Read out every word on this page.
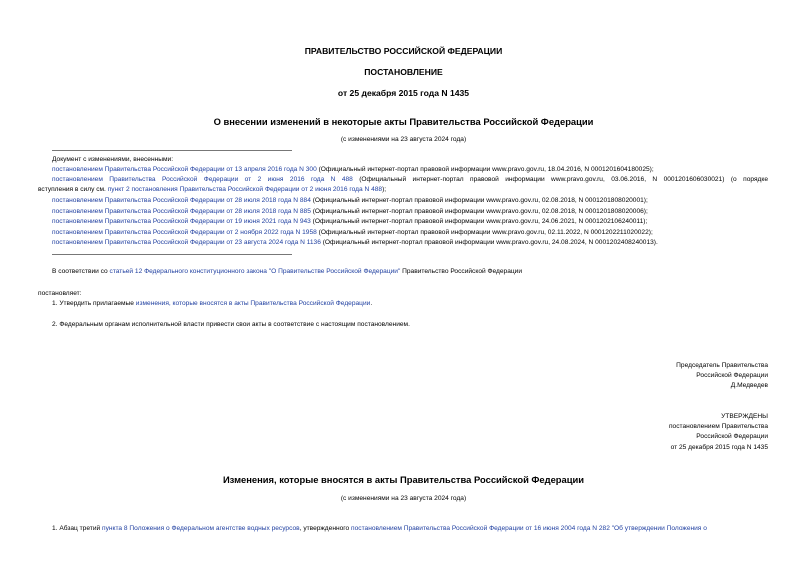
ПРАВИТЕЛЬСТВО РОССИЙСКОЙ ФЕДЕРАЦИИ
ПОСТАНОВЛЕНИЕ
от 25 декабря 2015 года N 1435
О внесении изменений в некоторые акты Правительства Российской Федерации
(с изменениями на 23 августа 2024 года)
Документ с изменениями, внесенными:
постановлением Правительства Российской Федерации от 13 апреля 2016 года N 300 (Официальный интернет-портал правовой информации www.pravo.gov.ru, 18.04.2016, N 0001201604180025);
постановлением Правительства Российской Федерации от 2 июня 2016 года N 488 (Официальный интернет-портал правовой информации www.pravo.gov.ru, 03.06.2016, N 0001201606030021) (о порядке
вступления в силу см. пункт 2 постановления Правительства Российской Федерации от 2 июня 2016 года N 488);
постановлением Правительства Российской Федерации от 28 июля 2018 года N 884 (Официальный интернет-портал правовой информации www.pravo.gov.ru, 02.08.2018, N 0001201808020001);
постановлением Правительства Российской Федерации от 28 июля 2018 года N 885 (Официальный интернет-портал правовой информации www.pravo.gov.ru, 02.08.2018, N 0001201808020006);
постановлением Правительства Российской Федерации от 19 июня 2021 года N 943 (Официальный интернет-портал правовой информации www.pravo.gov.ru, 24.06.2021, N 0001202106240011);
постановлением Правительства Российской Федерации от 2 ноября 2022 года N 1958 (Официальный интернет-портал правовой информации www.pravo.gov.ru, 02.11.2022, N 0001202211020022);
постановлением Правительства Российской Федерации от 23 августа 2024 года N 1136 (Официальный интернет-портал правовой информации www.pravo.gov.ru, 24.08.2024, N 0001202408240013).
В соответствии со статьей 12 Федерального конституционного закона "О Правительстве Российской Федерации" Правительство Российской Федерации
постановляет:
1. Утвердить прилагаемые изменения, которые вносятся в акты Правительства Российской Федерации.
2. Федеральным органам исполнительной власти привести свои акты в соответствие с настоящим постановлением.
Председатель Правительства
Российской Федерации
Д.Медведев
УТВЕРЖДЕНЫ
постановлением Правительства
Российской Федерации
от 25 декабря 2015 года N 1435
Изменения, которые вносятся в акты Правительства Российской Федерации
(с изменениями на 23 августа 2024 года)
1. Абзац третий пункта 8 Положения о Федеральном агентстве водных ресурсов, утвержденного постановлением Правительства Российской Федерации от 16 июня 2004 года N 282 "Об утверждении Положения о
